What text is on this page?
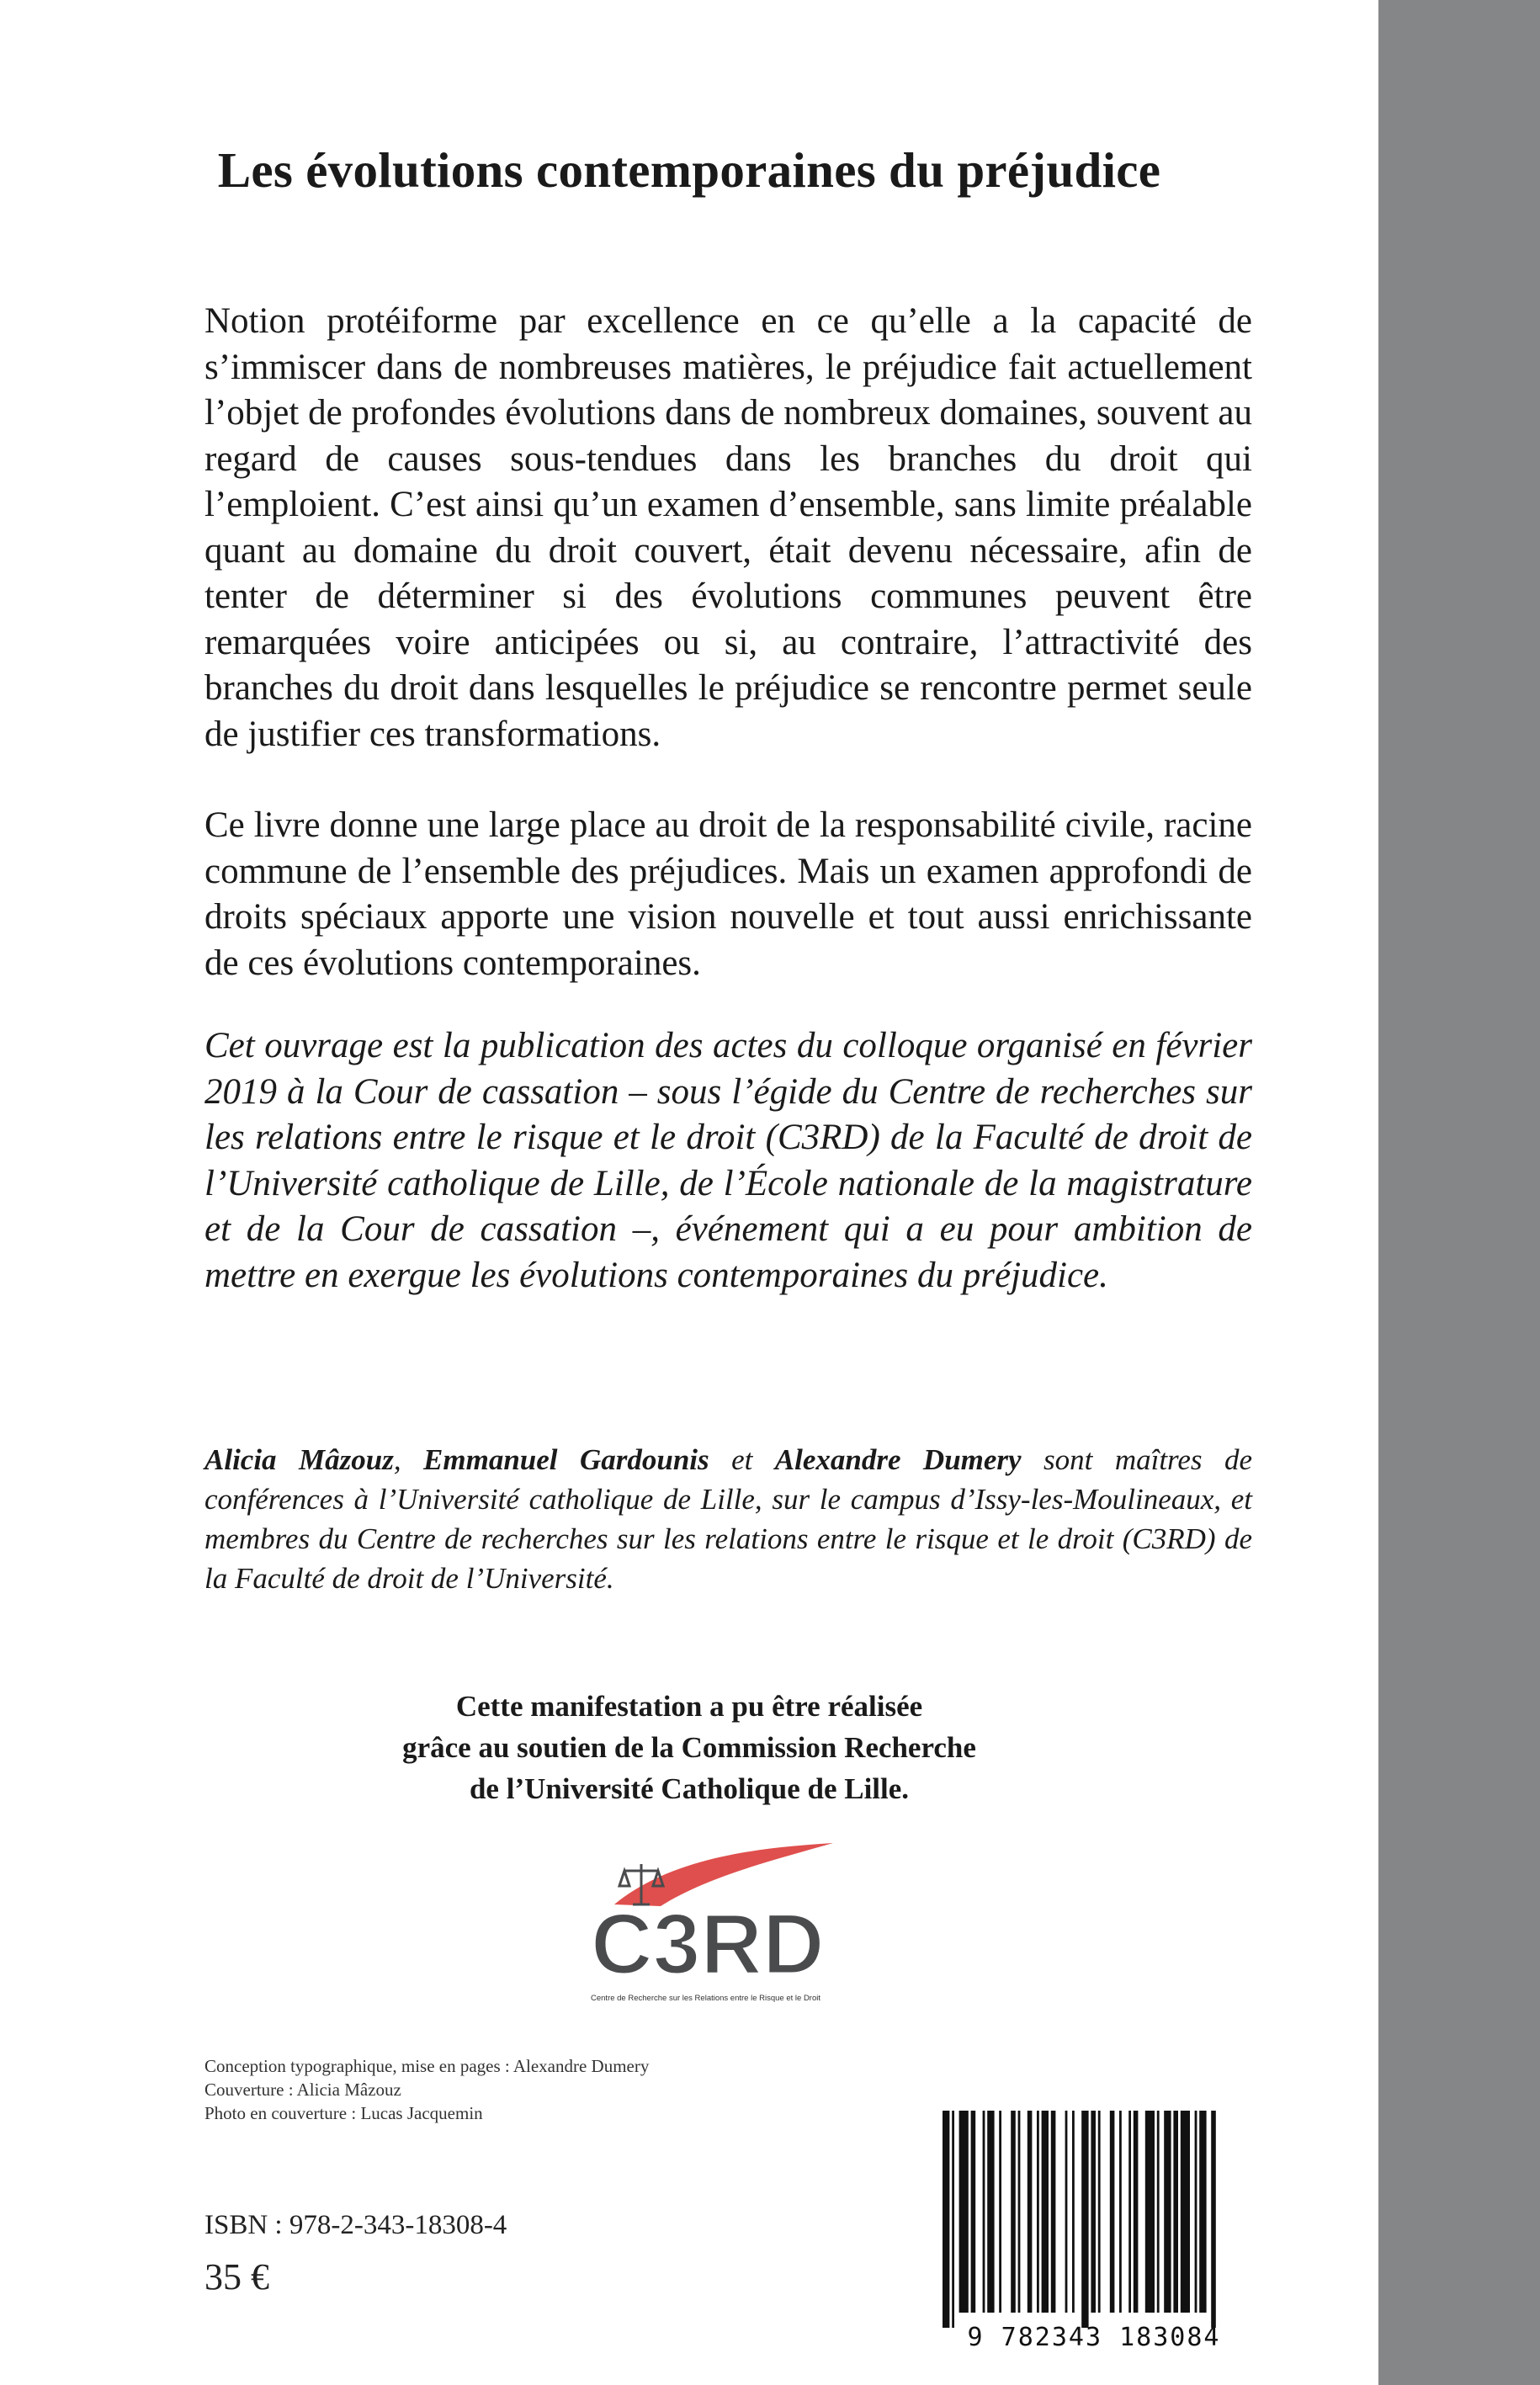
Les évolutions contemporaines du préjudice

Notion protéiforme par excellence en ce qu’elle a la capacité de s’immiscer dans de nombreuses matières, le préjudice fait actuellement l’objet de profondes évolutions dans de nombreux domaines, souvent au regard de causes sous-tendues dans les branches du droit qui l’emploient. C’est ainsi qu’un examen d’ensemble, sans limite préalable quant au domaine du droit couvert, était devenu nécessaire, afin de tenter de déterminer si des évolutions communes peuvent être remarquées voire anticipées ou si, au contraire, l’attractivité des branches du droit dans lesquelles le préjudice se rencontre permet seule de justifier ces transformations.

Ce livre donne une large place au droit de la responsabilité civile, racine commune de l’ensemble des préjudices. Mais un examen approfondi de droits spéciaux apporte une vision nouvelle et tout aussi enrichissante de ces évolutions contemporaines.

Cet ouvrage est la publication des actes du colloque organisé en février 2019 à la Cour de cassation – sous l’égide du Centre de recherches sur les relations entre le risque et le droit (C3RD) de la Faculté de droit de l’Université catholique de Lille, de l’École nationale de la magistrature et de la Cour de cassation –, événement qui a eu pour ambition de mettre en exergue les évolutions contemporaines du préjudice.

Alicia Mâzouz, Emmanuel Gardounis et Alexandre Dumery sont maîtres de conférences à l’Université catholique de Lille, sur le campus d’Issy-les-Moulineaux, et membres du Centre de recherches sur les relations entre le risque et le droit (C3RD) de la Faculté de droit de l’Université.

Cette manifestation a pu être réalisée
grâce au soutien de la Commission Recherche
de l’Université Catholique de Lille.
C3RD
Centre de Recherche sur les Relations entre le Risque et le Droit
Conception typographique, mise en pages : Alexandre Dumery
Couverture : Alicia Mâzouz
Photo en couverture : Lucas Jacquemin
ISBN : 978-2-343-18308-4
35 €
9 782343 183084
